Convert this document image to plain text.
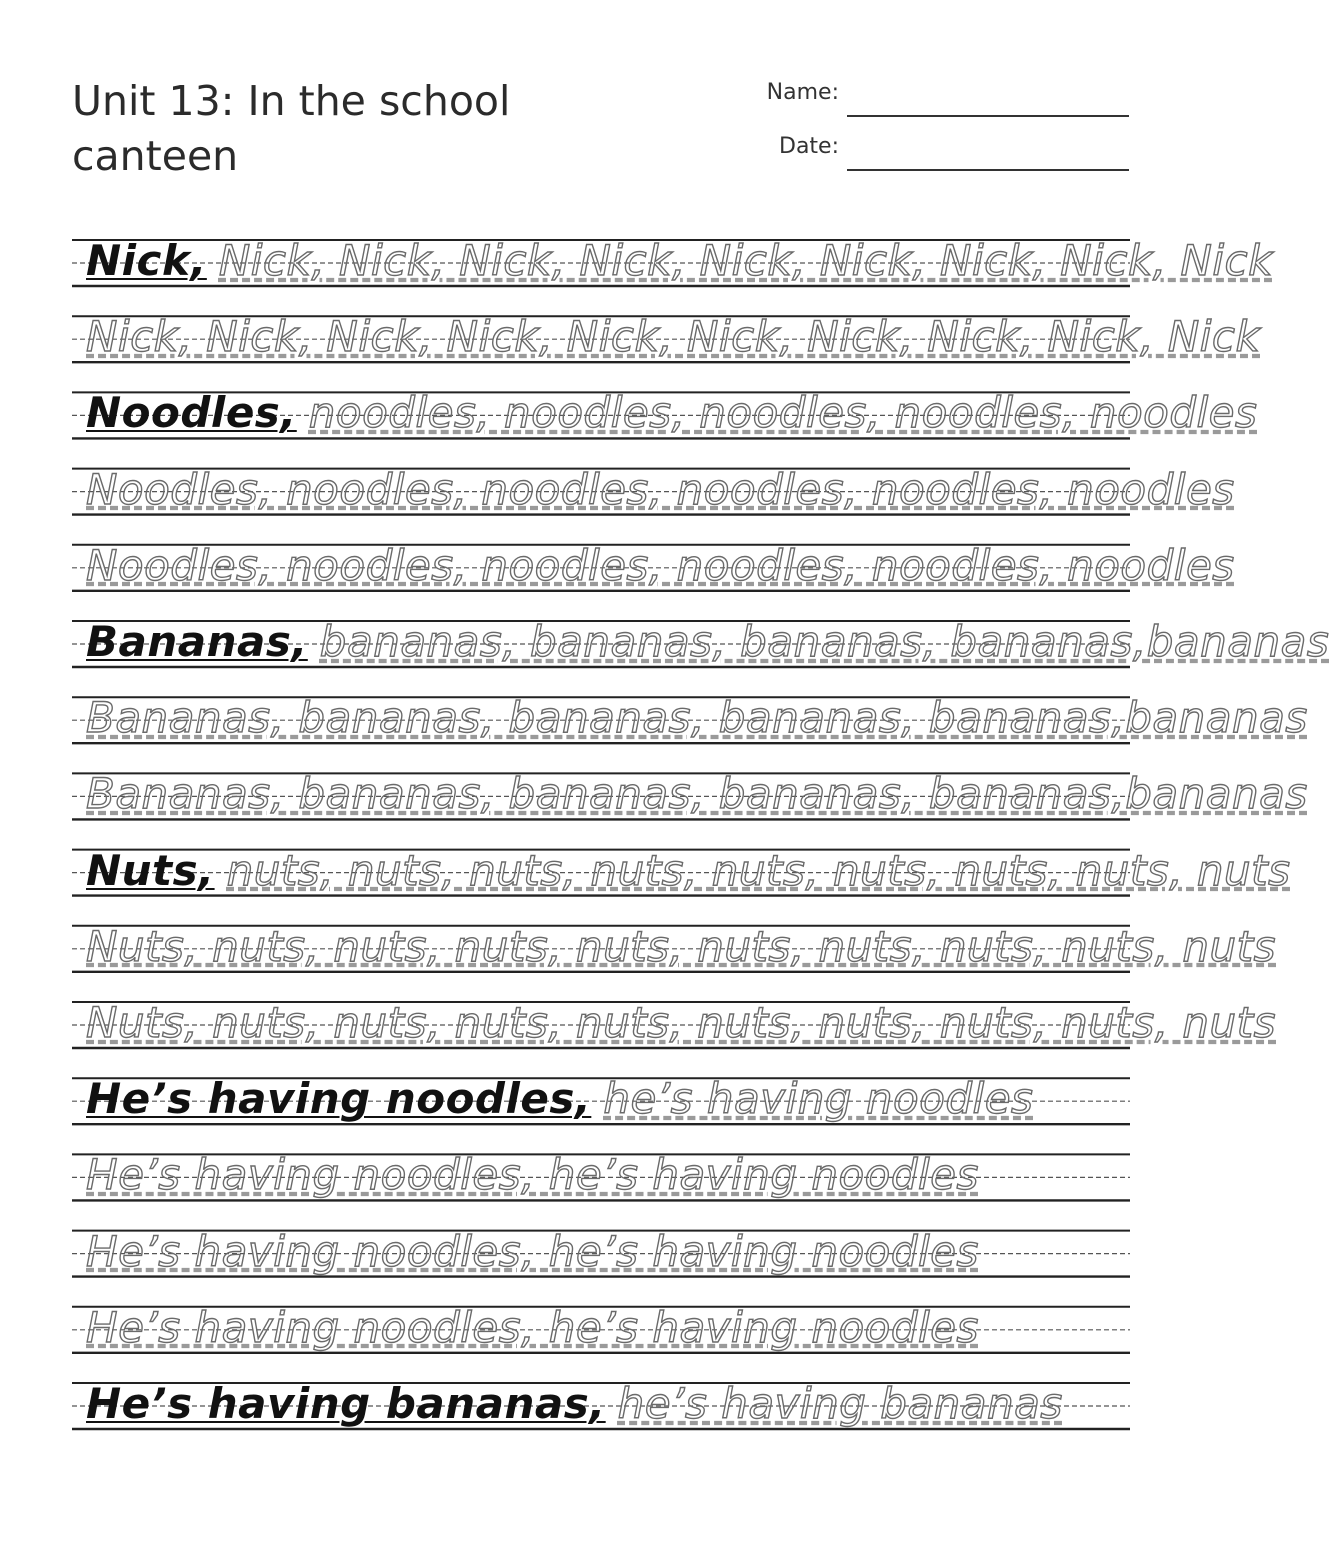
Unit 13: In the school canteen
Name:
Date:
Nick, Nick, Nick, Nick, Nick, Nick, Nick, Nick, Nick, Nick
Nick, Nick, Nick, Nick, Nick, Nick, Nick, Nick, Nick, Nick
Noodles, noodles, noodles, noodles, noodles, noodles
Noodles, noodles, noodles, noodles, noodles, noodles
Noodles, noodles, noodles, noodles, noodles, noodles
Bananas, bananas, bananas, bananas, bananas,bananas
Bananas, bananas, bananas, bananas, bananas,bananas
Bananas, bananas, bananas, bananas, bananas,bananas
Nuts, nuts, nuts, nuts, nuts, nuts, nuts, nuts, nuts, nuts
Nuts, nuts, nuts, nuts, nuts, nuts, nuts, nuts, nuts, nuts
Nuts, nuts, nuts, nuts, nuts, nuts, nuts, nuts, nuts, nuts
He’s having noodles, he’s having noodles
He’s having noodles, he’s having noodles
He’s having noodles, he’s having noodles
He’s having noodles, he’s having noodles
He’s having bananas, he’s having bananas
